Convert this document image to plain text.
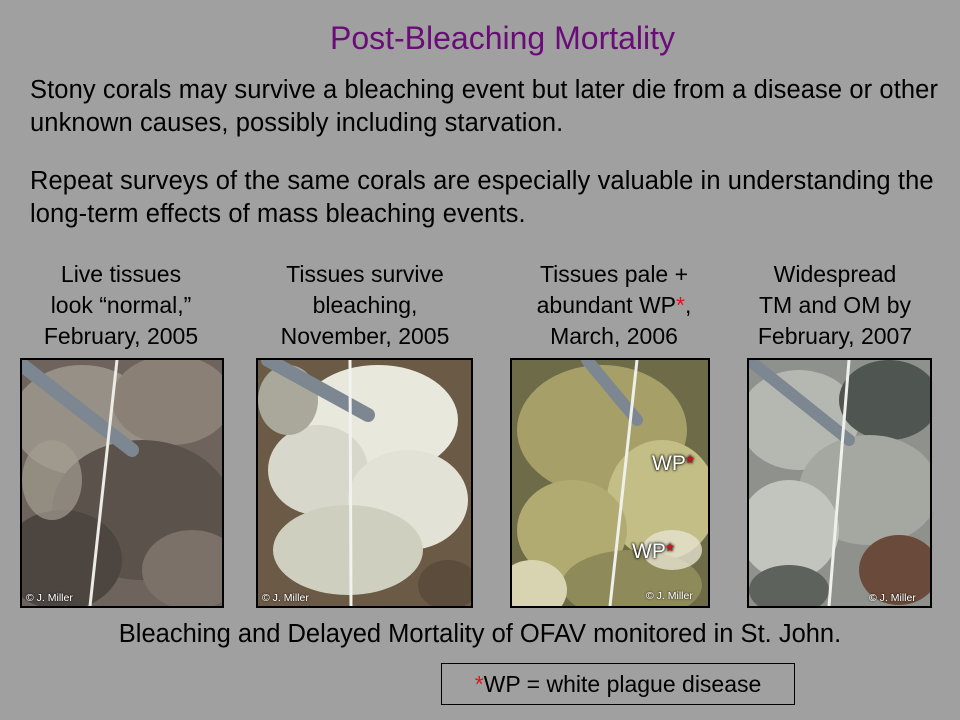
Post-Bleaching Mortality
Stony corals may survive a bleaching event but later die from a disease or other unknown causes, possibly including starvation.
Repeat surveys of the same corals are especially valuable in understanding the long-term effects of mass bleaching events.
Live tissues
look “normal,”
February, 2005
Tissues survive
bleaching,
November, 2005
Tissues pale +
abundant WP*,
March, 2006
Widespread
TM and OM by
February, 2007
© J. Miller	© J. Miller
WP*
WP*
© J. Miller	© J. Miller
Bleaching and Delayed Mortality of OFAV monitored in St. John.
*WP = white plague disease
